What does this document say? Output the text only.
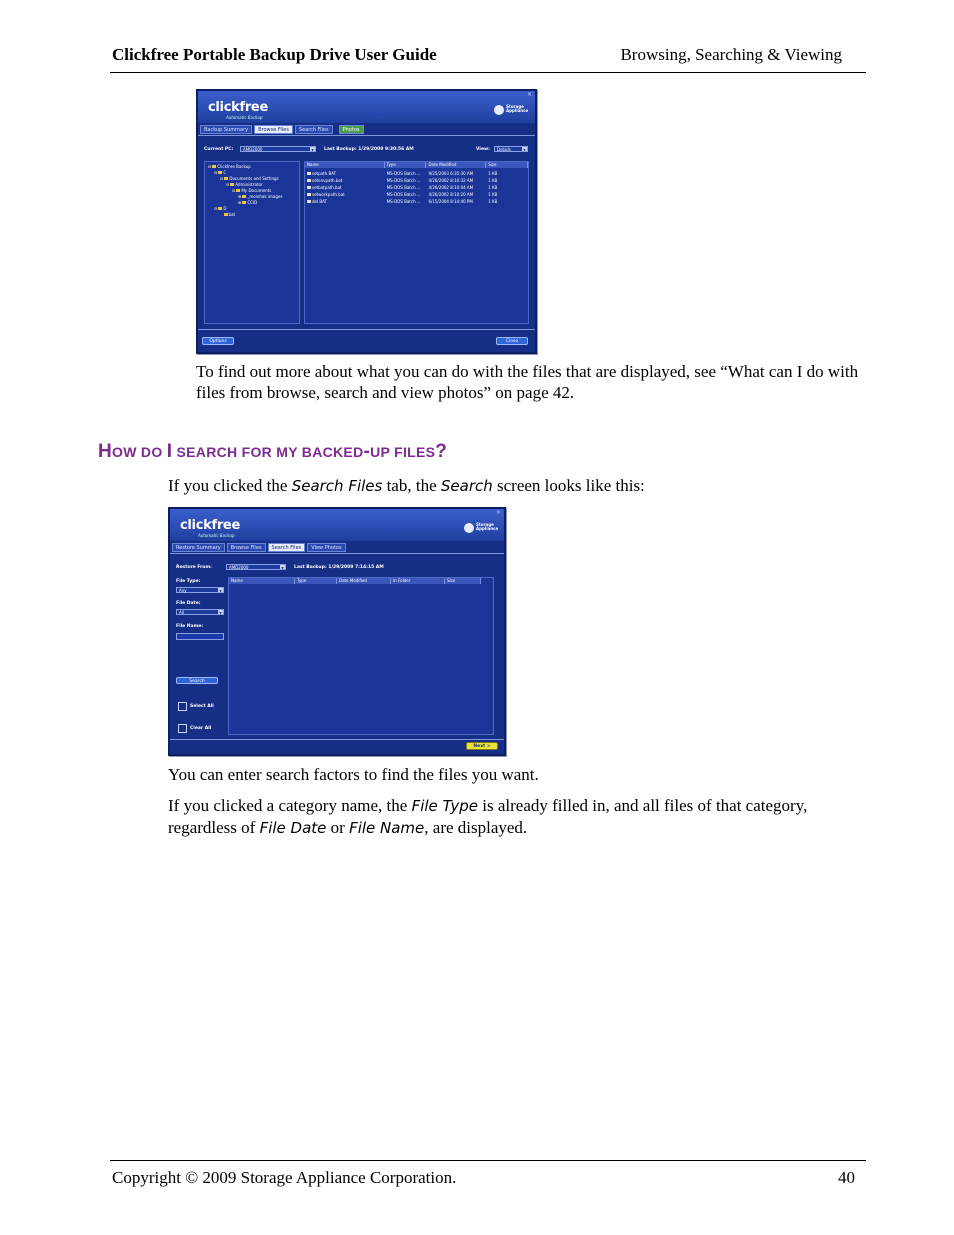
Clickfree Portable Backup Drive User Guide	Browsing, Searching & Viewing
clickfree
Automatic Backup
Storage
Appliance
×
Backup Summary	Browse Files	Search Files	Photos
Current PC:	AMD2000	▼ Last Backup: 1/29/2009 9:30:56 AM	View:	Details	▼
⊟ Clickfree Backup
⊟ C
⊟ Documents and Settings
⊟ Administrator
⊟ My Documents
⊞ _moinhak images
⊞ CCID
⊟ D
bat
Name	Type	Date Modified	Size
setpath.BAT	MS-DOS Batch ...	9/25/2003 6:35:30 AM	1 KB
setenvpath.bat	MS-DOS Batch ...	4/26/2002 8:10:32 AM	1 KB
setbatpath.bat	MS-DOS Batch ...	4/26/2002 8:10:04 AM	1 KB
setworkpath.bat	MS-DOS Batch ...	4/26/2002 8:10:20 AM	1 KB
del.BAT	MS-DOS Batch ...	6/15/2004 8:14:40 PM	1 KB
Options	Close
To find out more about what you can do with the files that are displayed, see “What can I do with files from browse, search and view photos” on page 42.
HOW DO I SEARCH FOR MY BACKED-UP FILES?
If you clicked the Search Files tab, the Search screen looks like this:
clickfree
Automatic Backup
Storage
Appliance
×
Restore Summary	Browse Files	Search Files	View Photos
Restore From:	AMD2000	▼ Last Backup: 1/29/2009 7:14:15 AM
File Type:
Any	▼
File Date:
All	▼
File Name:
Search
Select All
Clear All
Name	Type	Date Modified	In Folder	Size
Next >
You can enter search factors to find the files you want.
If you clicked a category name, the File Type is already filled in, and all files of that category, regardless of File Date or File Name, are displayed.
Copyright © 2009 Storage Appliance Corporation.	40
